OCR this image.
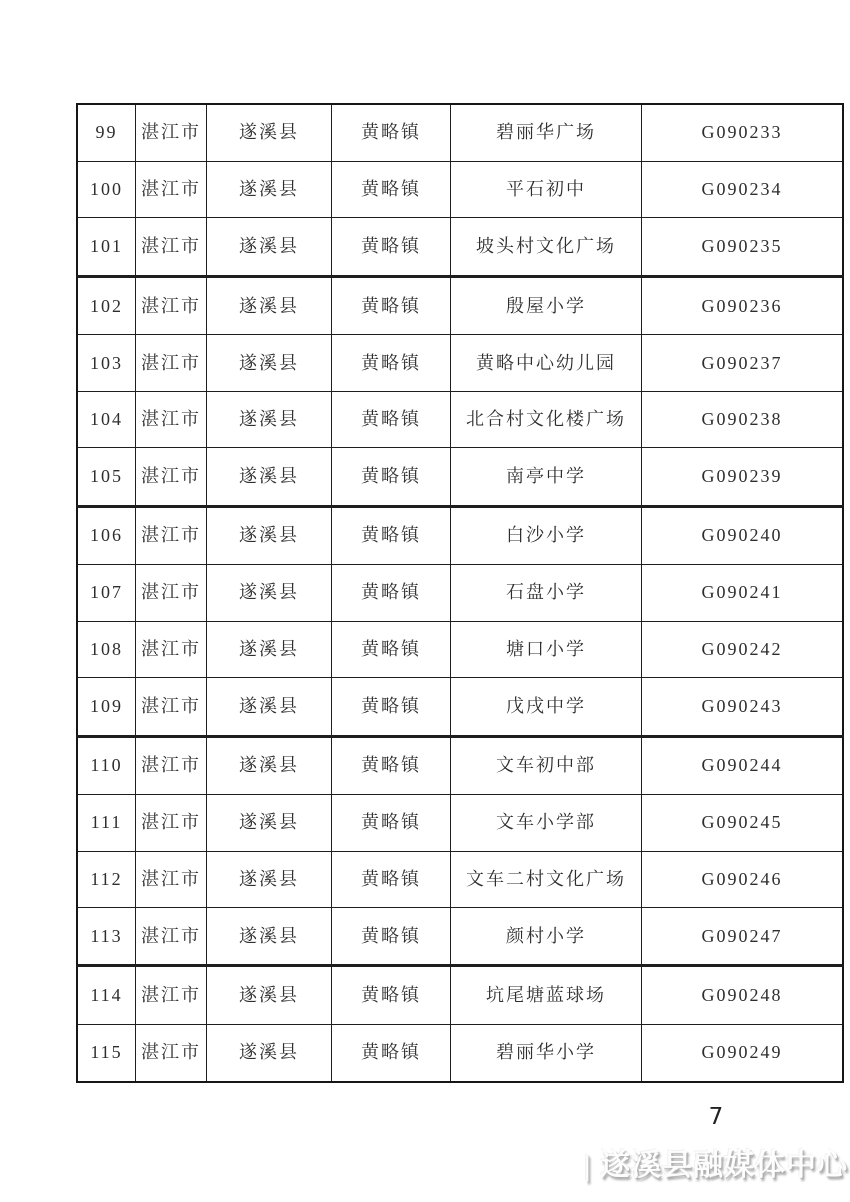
99	湛江市	遂溪县	黄略镇	碧丽华广场	G090233
100	湛江市	遂溪县	黄略镇	平石初中	G090234
101	湛江市	遂溪县	黄略镇	坡头村文化广场	G090235
102	湛江市	遂溪县	黄略镇	殷屋小学	G090236
103	湛江市	遂溪县	黄略镇	黄略中心幼儿园	G090237
104	湛江市	遂溪县	黄略镇	北合村文化楼广场	G090238
105	湛江市	遂溪县	黄略镇	南亭中学	G090239
106	湛江市	遂溪县	黄略镇	白沙小学	G090240
107	湛江市	遂溪县	黄略镇	石盘小学	G090241
108	湛江市	遂溪县	黄略镇	塘口小学	G090242
109	湛江市	遂溪县	黄略镇	戊戌中学	G090243
110	湛江市	遂溪县	黄略镇	文车初中部	G090244
111	湛江市	遂溪县	黄略镇	文车小学部	G090245
112	湛江市	遂溪县	黄略镇	文车二村文化广场	G090246
113	湛江市	遂溪县	黄略镇	颜村小学	G090247
114	湛江市	遂溪县	黄略镇	坑尾塘蓝球场	G090248
115	湛江市	遂溪县	黄略镇	碧丽华小学	G090249
7
| 遂溪县融媒体中心
